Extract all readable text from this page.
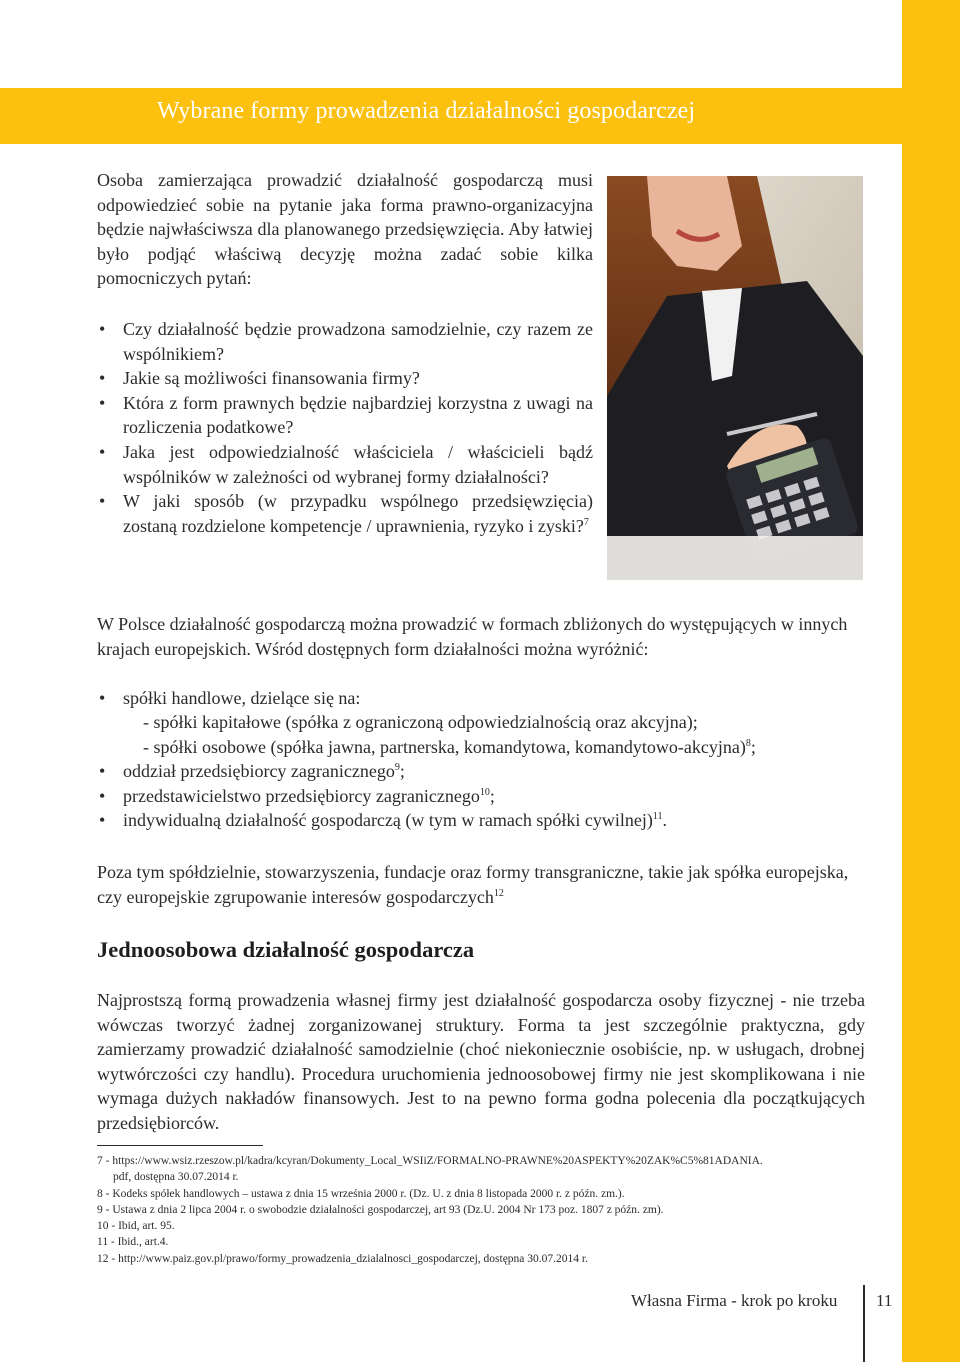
Wybrane formy prowadzenia działalności gospodarczej

Osoba zamierzająca prowadzić działalność gospodarczą musi odpowiedzieć sobie na pytanie jaka forma prawno-organizacyjna będzie najwłaściwsza dla planowanego przedsięwzięcia. Aby łatwiej było podjąć właściwą decyzję można zadać sobie kilka pomocniczych pytań:

• Czy działalność będzie prowadzona samodzielnie, czy razem ze wspólnikiem?
• Jakie są możliwości finansowania firmy?
• Która z form prawnych będzie najbardziej korzystna z uwagi na rozliczenia podatkowe?
• Jaka jest odpowiedzialność właściciela / właścicieli bądź wspólników w zależności od wybranej formy działalności?
• W jaki sposób (w przypadku wspólnego przedsięwzięcia) zostaną rozdzielone kompetencje / uprawnienia, ryzyko i zyski?$^7$

W Polsce działalność gospodarczą można prowadzić w formach zbliżonych do występujących w innych krajach europejskich. Wśród dostępnych form działalności można wyróżnić:

• spółki handlowe, dzielące się na:
- spółki kapitałowe (spółka z ograniczoną odpowiedzialnością oraz akcyjna);
- spółki osobowe (spółka jawna, partnerska, komandytowa, komandytowo-akcyjna)$^8$;
• oddział przedsiębiorcy zagranicznego$^9$;
• przedstawicielstwo przedsiębiorcy zagranicznego$^{10}$;
• indywidualną działalność gospodarczą (w tym w ramach spółki cywilnej)$^{11}$.

Poza tym spółdzielnie, stowarzyszenia, fundacje oraz formy transgraniczne, takie jak spółka europejska, czy europejskie zgrupowanie interesów gospodarczych$^{12}$

Jednoosobowa działalność gospodarcza

Najprostszą formą prowadzenia własnej firmy jest działalność gospodarcza osoby fizycznej - nie trzeba wówczas tworzyć żadnej zorganizowanej struktury. Forma ta jest szczególnie praktyczna, gdy zamierzamy prowadzić działalność samodzielnie (choć niekoniecznie osobiście, np. w usługach, drobnej wytwórczości czy handlu). Procedura uruchomienia jednoosobowej firmy nie jest skomplikowana i nie wymaga dużych nakładów finansowych. Jest to na pewno forma godna polecenia dla początkujących przedsiębiorców.

7 - https://www.wsiz.rzeszow.pl/kadra/kcyran/Dokumenty_Local_WSIiZ/FORMALNO-PRAWNE%20ASPEKTY%20ZAK%C5%81ADANIA.
pdf, dostępna 30.07.2014 r.
8 - Kodeks spółek handlowych – ustawa z dnia 15 września 2000 r. (Dz. U. z dnia 8 listopada 2000 r. z późn. zm.).
9 - Ustawa z dnia 2 lipca 2004 r. o swobodzie działalności gospodarczej, art 93 (Dz.U. 2004 Nr 173 poz. 1807 z późn. zm).
10 - Ibid, art. 95.
11 - Ibid., art.4.
12 - http://www.paiz.gov.pl/prawo/formy_prowadzenia_dzialalnosci_gospodarczej, dostępna 30.07.2014 r.
Własna Firma - krok po kroku 11
